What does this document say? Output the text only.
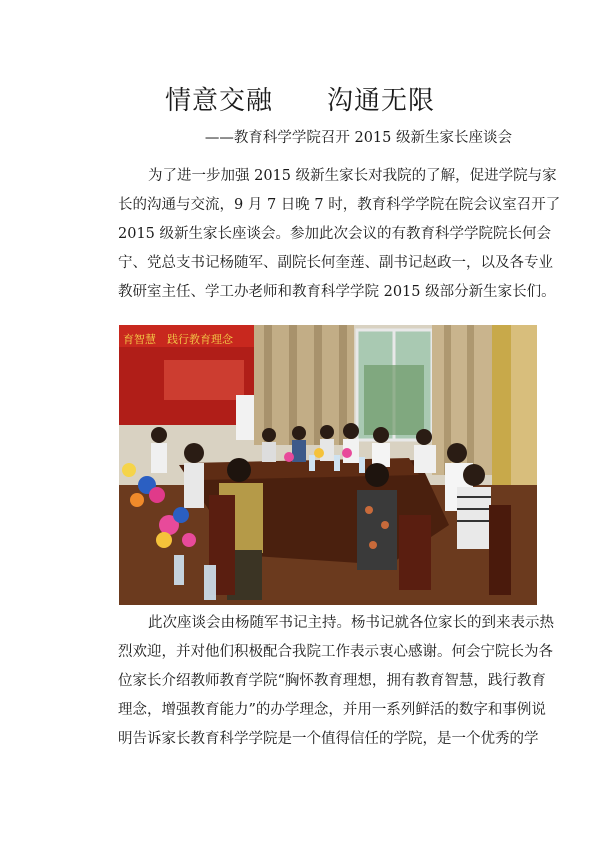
情意交融　　沟通无限
——教育科学学院召开 2015 级新生家长座谈会
为了进一步加强 2015 级新生家长对我院的了解，促进学院与家
长的沟通与交流，9 月 7 日晚 7 时，教育科学学院在院会议室召开了
2015 级新生家长座谈会。参加此次会议的有教育科学学院院长何会
宁、党总支书记杨随军、副院长何奎莲、副书记赵政一，以及各专业
教研室主任、学工办老师和教育科学学院 2015 级部分新生家长们。
育智慧　践行教育理念
此次座谈会由杨随军书记主持。杨书记就各位家长的到来表示热
烈欢迎，并对他们积极配合我院工作表示衷心感谢。何会宁院长为各
位家长介绍教师教育学院“胸怀教育理想，拥有教育智慧，践行教育
理念，增强教育能力”的办学理念，并用一系列鲜活的数字和事例说
明告诉家长教育科学学院是一个值得信任的学院，是一个优秀的学
